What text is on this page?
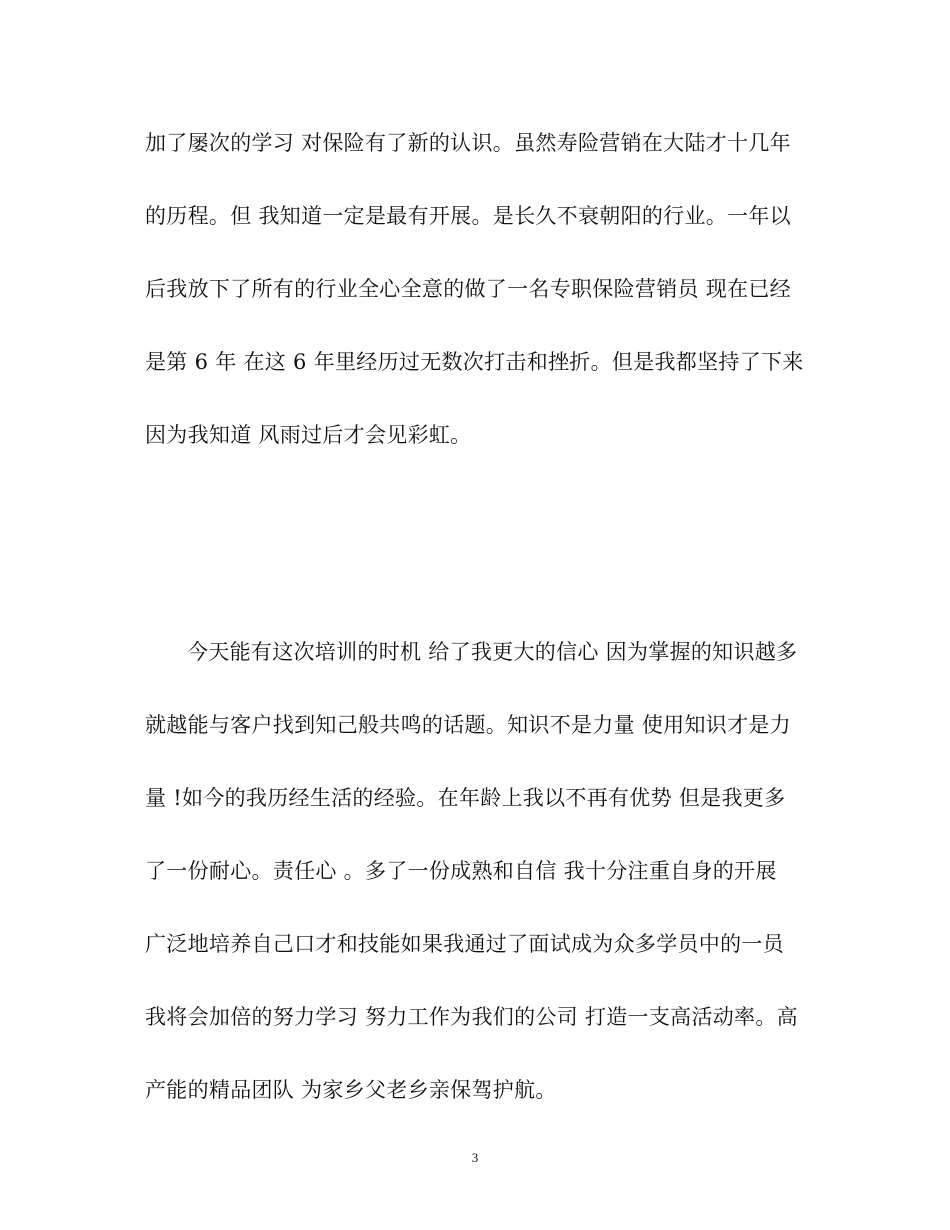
加了屡次的学习 对保险有了新的认识。虽然寿险营销在大陆才十几年
的历程。但 我知道一定是最有开展。是长久不衰朝阳的行业。一年以
后我放下了所有的行业全心全意的做了一名专职保险营销员 现在已经
是第 6 年 在这 6 年里经历过无数次打击和挫折。但是我都坚持了下来
因为我知道 风雨过后才会见彩虹。
今天能有这次培训的时机 给了我更大的信心 因为掌握的知识越多
就越能与客户找到知己般共鸣的话题。知识不是力量 使用知识才是力
量 !如今的我历经生活的经验。在年龄上我以不再有优势 但是我更多
了一份耐心。责任心 。多了一份成熟和自信 我十分注重自身的开展
广泛地培养自己口才和技能如果我通过了面试成为众多学员中的一员
我将会加倍的努力学习 努力工作为我们的公司 打造一支高活动率。高
产能的精品团队 为家乡父老乡亲保驾护航。
3
